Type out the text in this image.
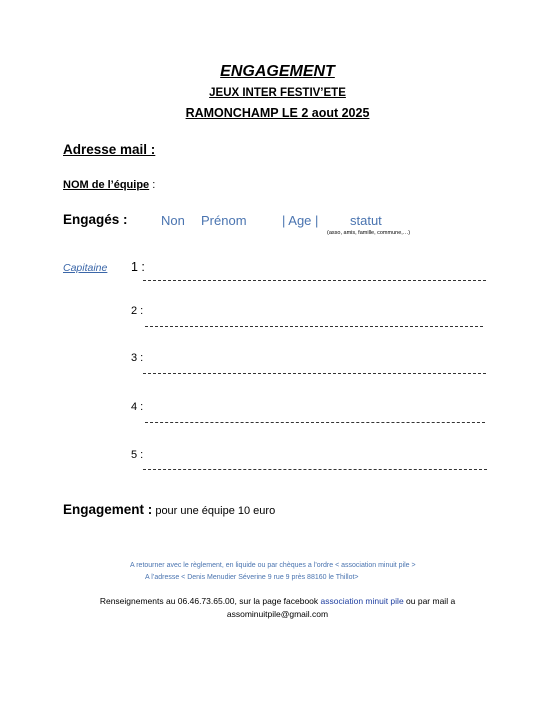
ENGAGEMENT
JEUX INTER FESTIV’ETE
RAMONCHAMP LE 2 aout 2025
Adresse mail :
NOM de l’équipe :
Engagés :	Non Prénom	| Age | statut
(asso, amis, famille, commune,…)
Capitaine 1 :
2 :
3 :
4 :
5 :
Engagement : pour une équipe 10 euro
A retourner avec le règlement, en liquide ou par chèques a l’ordre < association minuit pile >
A l’adresse < Denis Menudier Séverine 9 rue 9 près 88160 le Thillot>
Renseignements au 06.46.73.65.00, sur la page facebook association minuit pile ou par mail a
assominuitpile@gmail.com
